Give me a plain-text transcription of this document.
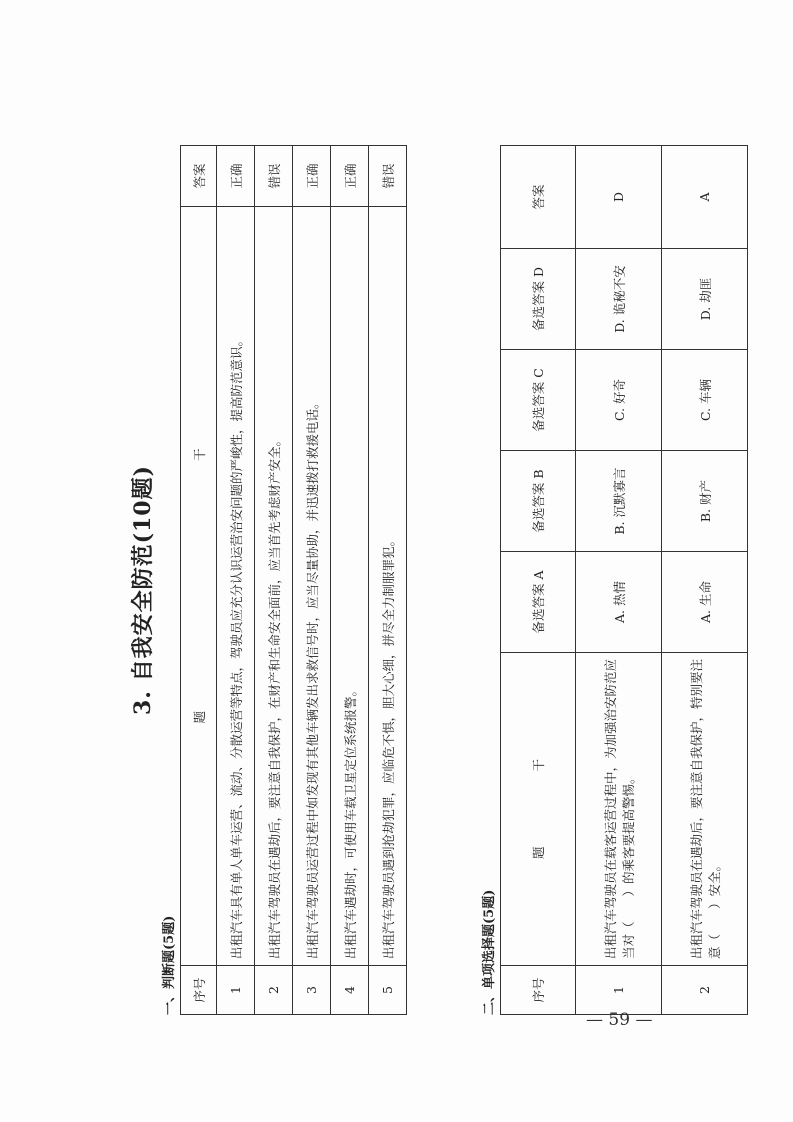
3. 自我安全防范(10题)
一、判断题(5题) 序号	题　　　　　　　　　　　　　　　　　　　　干	答案
1	出租汽车具有单人单车运营、流动、分散运营等特点，驾驶员应充分认识运营治安问题的严峻性，提高防范意识。	正确
2	出租汽车驾驶员在遇劫后，要注意自我保护，在财产和生命安全面前，应当首先考虑财产安全。	错误
3	出租汽车驾驶员运营过程中如发现有其他车辆发出求救信号时，应当尽量协助，并迅速拨打救援电话。	正确
4	出租汽车遇劫时，可使用车载卫星定位系统报警。	正确
5	出租汽车驾驶员遇到抢劫犯罪，应临危不惧，胆大心细，拼尽全力制服罪犯。	错误
二、单项选择题(5题)	序号	题　　　　　　干	备选答案 A	备选答案 B	备选答案 C	备选答案 D	答案
1	出租汽车驾驶员在载客运营过程中，为加强治安防范应当对（　　）的乘客要提高警惕。	A. 热情	B. 沉默寡言	C. 好奇	D. 诡秘不安	D
2	出租汽车驾驶员在遇劫后，要注意自我保护，特别要注意（　　）安全。	A. 生命	B. 财产	C. 车辆	D. 劫匪	A
— 59 —
